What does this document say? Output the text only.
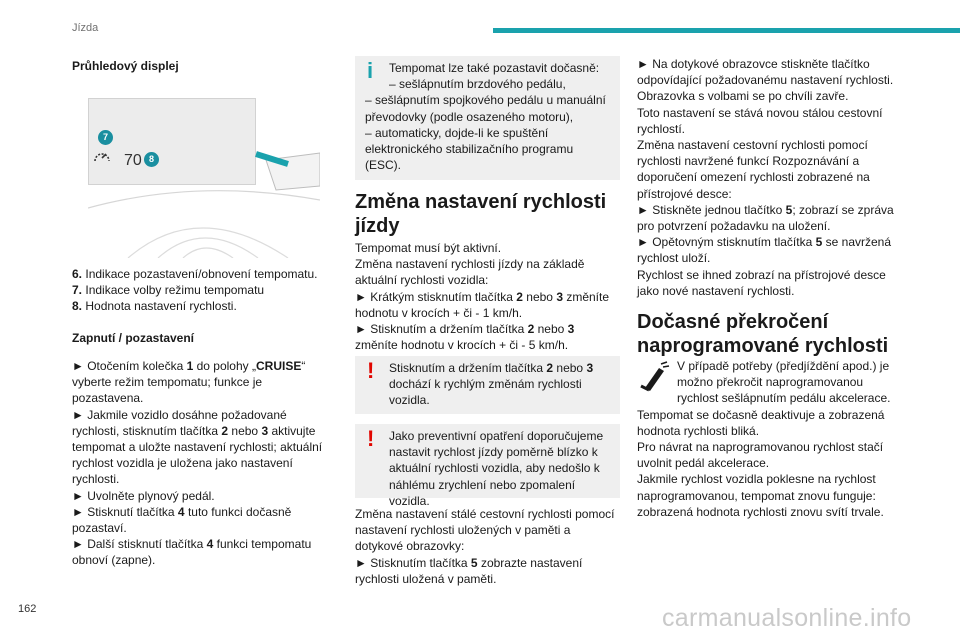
Jízda
Průhledový displej
7
8
70
6. Indikace pozastavení/obnovení tempomatu.
7. Indikace volby režimu tempomatu
8. Hodnota nastavení rychlosti.
Zapnutí / pozastavení
► Otočením kolečka 1 do polohy „CRUISE“ vyberte režim tempomatu; funkce je pozastavena.
► Jakmile vozidlo dosáhne požadované rychlosti, stisknutím tlačítka 2 nebo 3 aktivujte tempomat a uložte nastavení rychlosti; aktuální rychlost vozidla je uložena jako nastavení rychlosti.
► Uvolněte plynový pedál.
► Stisknutí tlačítka 4 tuto funkci dočasně pozastaví.
► Další stisknutí tlačítka 4 funkci tempomatu obnoví (zapne).
i	Tempomat lze také pozastavit dočasně:
– sešlápnutím brzdového pedálu,
– sešlápnutím spojkového pedálu u manuální převodovky (podle osazeného motoru),
– automaticky, dojde-li ke spuštění elektronického stabilizačního programu (ESC).
Změna nastavení rychlosti jízdy
Tempomat musí být aktivní.
Změna nastavení rychlosti jízdy na základě aktuální rychlosti vozidla:
► Krátkým stisknutím tlačítka 2 nebo 3 změníte hodnotu v krocích + či - 1 km/h.
► Stisknutím a držením tlačítka 2 nebo 3 změníte hodnotu v krocích + či - 5 km/h.
!	Stisknutím a držením tlačítka 2 nebo 3 dochází k rychlým změnám rychlosti vozidla.
!	Jako preventivní opatření doporučujeme nastavit rychlost jízdy poměrně blízko k aktuální rychlosti vozidla, aby nedošlo k náhlému zrychlení nebo zpomalení vozidla.
Změna nastavení stálé cestovní rychlosti pomocí nastavení rychlosti uložených v paměti a dotykové obrazovky:
► Stisknutím tlačítka 5 zobrazte nastavení rychlosti uložená v paměti.
► Na dotykové obrazovce stiskněte tlačítko odpovídající požadovanému nastavení rychlosti.
Obrazovka s volbami se po chvíli zavře.
Toto nastavení se stává novou stálou cestovní rychlostí.
Změna nastavení cestovní rychlosti pomocí rychlosti navržené funkcí Rozpoznávání a doporučení omezení rychlosti zobrazené na přístrojové desce:
► Stiskněte jednou tlačítko 5; zobrazí se zpráva pro potvrzení požadavku na uložení.
► Opětovným stisknutím tlačítka 5 se navržená rychlost uloží.
Rychlost se ihned zobrazí na přístrojové desce jako nové nastavení rychlosti.
Dočasné překročení naprogramované rychlosti
V případě potřeby (předjíždění apod.) je možno překročit naprogramovanou rychlost sešlápnutím pedálu akcelerace.
Tempomat se dočasně deaktivuje a zobrazená hodnota rychlosti bliká.
Pro návrat na naprogramovanou rychlost stačí uvolnit pedál akcelerace.
Jakmile rychlost vozidla poklesne na rychlost naprogramovanou, tempomat znovu funguje: zobrazená hodnota rychlosti znovu svítí trvale.
162	carmanualsonline.info
